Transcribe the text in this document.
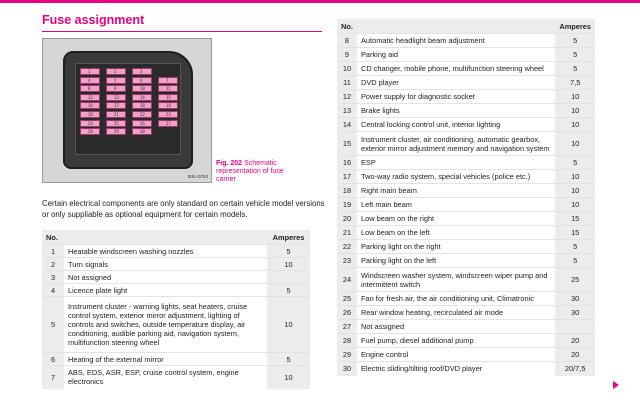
Fuse assignment
1	2	3
4	5	6	7
8	9	10	11
12	13	14	15
16	17	18	19
20	21	22	23
24	25	26	27
28	29	30
B3U-0783
Fig. 202 Schematic representation of fuse carrier
Certain electrical components are only standard on certain vehicle model versions or only suppliable as optional equipment for certain models.
No.		Amperes
1	Heatable windscreen washing nozzles	5
2	Turn signals	10
3	Not assigned	
4	Licence plate light	5
5	Instrument cluster - warning lights, seat heaters, cruise control system, exterior mirror adjustment, lighting of controls and switches, outside temperature display, air conditioning, audible parking aid, navigation system, multifunction steering wheel	10
6	Heating of the external mirror	5
7	ABS, EDS, ASR, ESP, cruise control system, engine electronics	10
No.		Amperes
8	Automatic headlight beam adjustment	5
9	Parking aid	5
10	CD changer, mobile phone, multifunction steering wheel	5
11	DVD player	7,5
12	Power supply for diagnostic socket	10
13	Brake lights	10
14	Central locking control unit, interior lighting	10
15	Instrument cluster, air conditioning, automatic gearbox, exterior mirror adjustment memory and navigation system	10
16	ESP	5
17	Two-way radio system, special vehicles (police etc.)	10
18	Right main beam	10
19	Left main beam	10
20	Low beam on the right	15
21	Low beam on the left	15
22	Parking light on the right	5
23	Parking light on the left	5
24	Windscreen washer system, windscreen wiper pump and intermittent switch	25
25	Fan for fresh air, the air conditioning unit, Climatronic	30
26	Rear window heating, recirculated air mode	30
27	Not assigned	
28	Fuel pump, diesel additional pump	20
29	Engine control	20
30	Electric sliding/tilting roof/DVD player	20/7,5
